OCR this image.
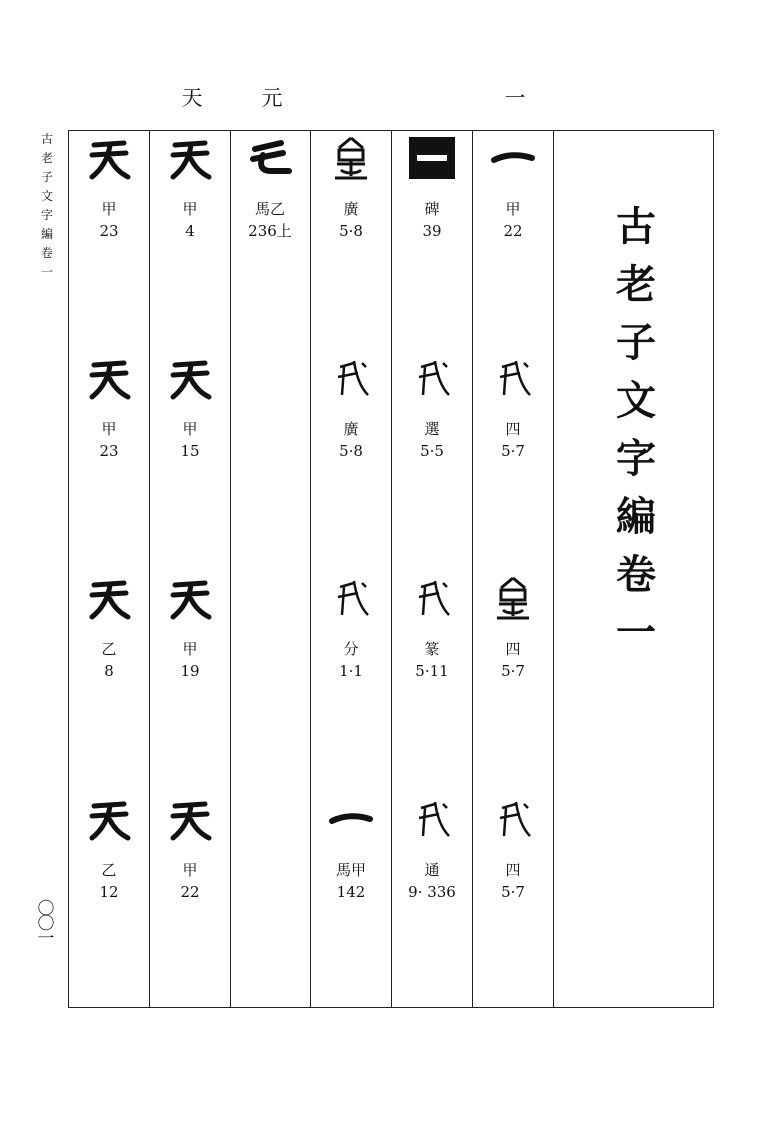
天	元	一
古
老
子
文
字
編
卷
一
〇
〇
一
古
老
子
文
字
編
卷
一
甲
23
甲
23
乙
8
乙
12
甲
4
甲
15
甲
19
甲
22
馬乙
236上
廣
5·8
廣
5·8
分
1·1
馬甲
142
碑
39
選
5·5
篆
5·11
通
9· 336
甲
22
四
5·7
四
5·7
四
5·7
